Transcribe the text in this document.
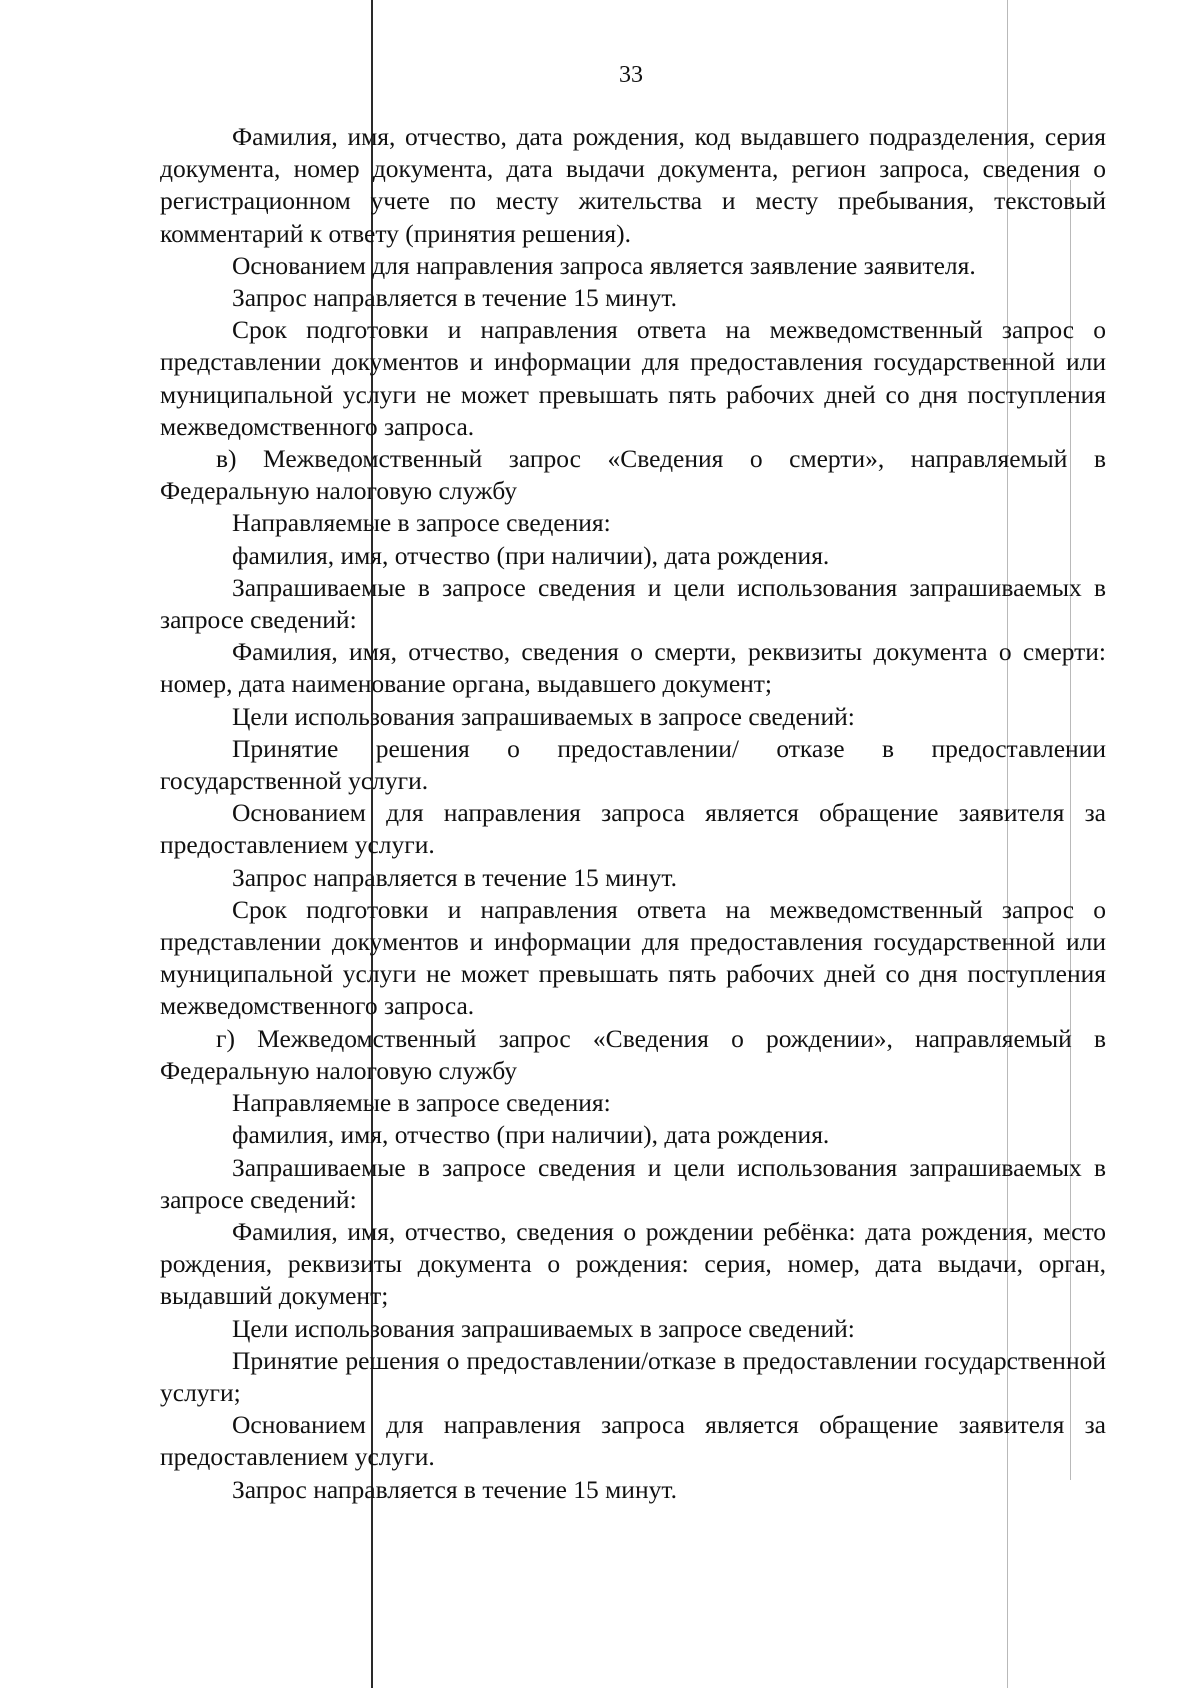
33

Фамилия, имя, отчество, дата рождения, код выдавшего подразделения, серия документа, номер документа, дата выдачи документа, регион запроса, сведения о регистрационном учете по месту жительства и месту пребывания, текстовый комментарий к ответу (принятия решения).

Основанием для направления запроса является заявление заявителя.

Запрос направляется в течение 15 минут.

Срок подготовки и направления ответа на межведомственный запрос о представлении документов и информации для предоставления государственной или муниципальной услуги не может превышать пять рабочих дней со дня поступления межведомственного запроса.

в) Межведомственный запрос «Сведения о смерти», направляемый в Федеральную налоговую службу

Направляемые в запросе сведения:

фамилия, имя, отчество (при наличии), дата рождения.

Запрашиваемые в запросе сведения и цели использования запрашиваемых в запросе сведений:

Фамилия, имя, отчество, сведения о смерти, реквизиты документа о смерти: номер, дата наименование органа, выдавшего документ;

Цели использования запрашиваемых в запросе сведений:

Принятие решения о предоставлении/ отказе в предоставлении государственной услуги.

Основанием для направления запроса является обращение заявителя за предоставлением услуги.

Запрос направляется в течение 15 минут.

Срок подготовки и направления ответа на межведомственный запрос о представлении документов и информации для предоставления государственной или муниципальной услуги не может превышать пять рабочих дней со дня поступления межведомственного запроса.

г) Межведомственный запрос «Сведения о рождении», направляемый в Федеральную налоговую службу

Направляемые в запросе сведения:

фамилия, имя, отчество (при наличии), дата рождения.

Запрашиваемые в запросе сведения и цели использования запрашиваемых в запросе сведений:

Фамилия, имя, отчество, сведения о рождении ребёнка: дата рождения, место рождения, реквизиты документа о рождения: серия, номер, дата выдачи, орган, выдавший документ;

Цели использования запрашиваемых в запросе сведений:

Принятие решения о предоставлении/отказе в предоставлении государственной услуги;

Основанием для направления запроса является обращение заявителя за предоставлением услуги.

Запрос направляется в течение 15 минут.
